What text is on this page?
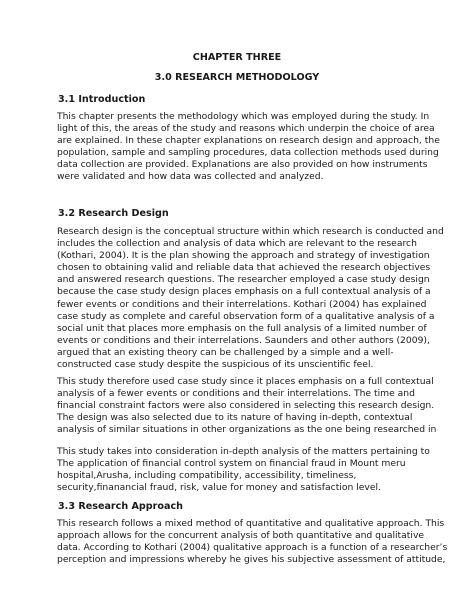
CHAPTER THREE
3.0 RESEARCH METHODOLOGY
3.1 Introduction
This chapter presents the methodology which was employed during the study. In
light of this, the areas of the study and reasons which underpin the choice of area
are explained. In these chapter explanations on research design and approach, the
population, sample and sampling procedures, data collection methods used during
data collection are provided. Explanations are also provided on how instruments
were validated and how data was collected and analyzed.
3.2 Research Design
Research design is the conceptual structure within which research is conducted and
includes the collection and analysis of data which are relevant to the research
(Kothari, 2004). It is the plan showing the approach and strategy of investigation
chosen to obtaining valid and reliable data that achieved the research objectives
and answered research questions. The researcher employed a case study design
because the case study design places emphasis on a full contextual analysis of a
fewer events or conditions and their interrelations. Kothari (2004) has explained
case study as complete and careful observation form of a qualitative analysis of a
social unit that places more emphasis on the full analysis of a limited number of
events or conditions and their interrelations. Saunders and other authors (2009),
argued that an existing theory can be challenged by a simple and a well-
constructed case study despite the suspicious of its unscientific feel.
This study therefore used case study since it places emphasis on a full contextual
analysis of a fewer events or conditions and their interrelations. The time and
financial constraint factors were also considered in selecting this research design.
The design was also selected due to its nature of having in-depth, contextual
analysis of similar situations in other organizations as the one being researched in
This study takes into consideration in-depth analysis of the matters pertaining to
The application of financial control system on financial fraud in Mount meru
hospital,Arusha, including compatibility, accessibility, timeliness,
security,finanancial fraud, risk, value for money and satisfaction level.
3.3 Research Approach
This research follows a mixed method of quantitative and qualitative approach. This
approach allows for the concurrent analysis of both quantitative and qualitative
data. According to Kothari (2004) qualitative approach is a function of a researcher’s
perception and impressions whereby he gives his subjective assessment of attitude,
